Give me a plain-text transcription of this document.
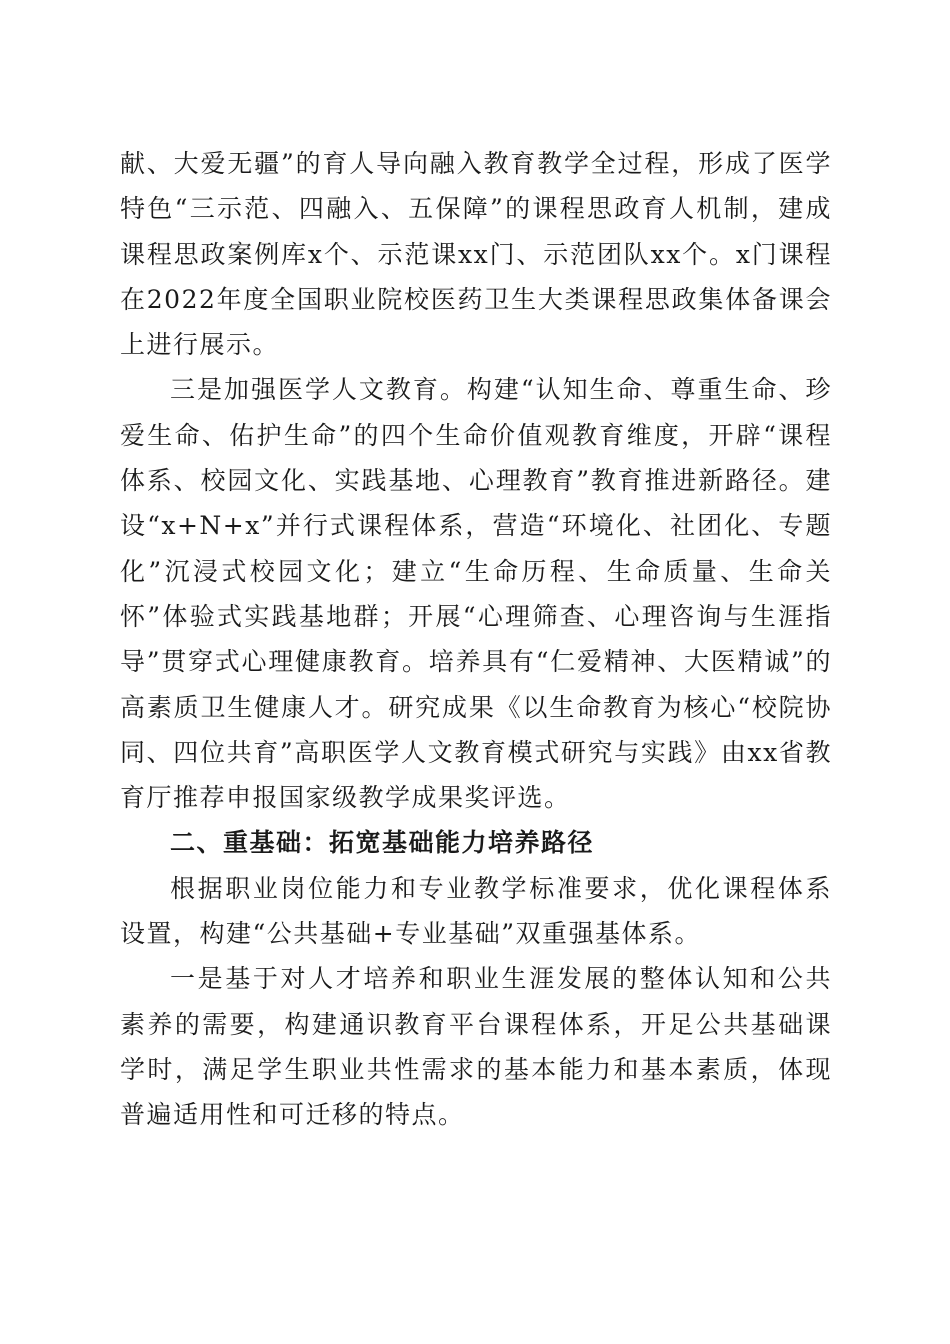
献、大爱无疆”的育人导向融入教育教学全过程，形成了医学特色“三示范、四融入、五保障”的课程思政育人机制，建成课程思政案例库x个、示范课xx门、示范团队xx个。x门课程在2022年度全国职业院校医药卫生大类课程思政集体备课会上进行展示。

三是加强医学人文教育。构建“认知生命、尊重生命、珍爱生命、佑护生命”的四个生命价值观教育维度，开辟“课程体系、校园文化、实践基地、心理教育”教育推进新路径。建设“x+N+x”并行式课程体系，营造“环境化、社团化、专题化”沉浸式校园文化；建立“生命历程、生命质量、生命关怀”体验式实践基地群；开展“心理筛查、心理咨询与生涯指导”贯穿式心理健康教育。培养具有“仁爱精神、大医精诚”的高素质卫生健康人才。研究成果《以生命教育为核心“校院协同、四位共育”高职医学人文教育模式研究与实践》由xx省教育厅推荐申报国家级教学成果奖评选。

二、重基础：拓宽基础能力培养路径

根据职业岗位能力和专业教学标准要求，优化课程体系设置，构建“公共基础+专业基础”双重强基体系。

一是基于对人才培养和职业生涯发展的整体认知和公共素养的需要，构建通识教育平台课程体系，开足公共基础课学时，满足学生职业共性需求的基本能力和基本素质，体现普遍适用性和可迁移的特点。
